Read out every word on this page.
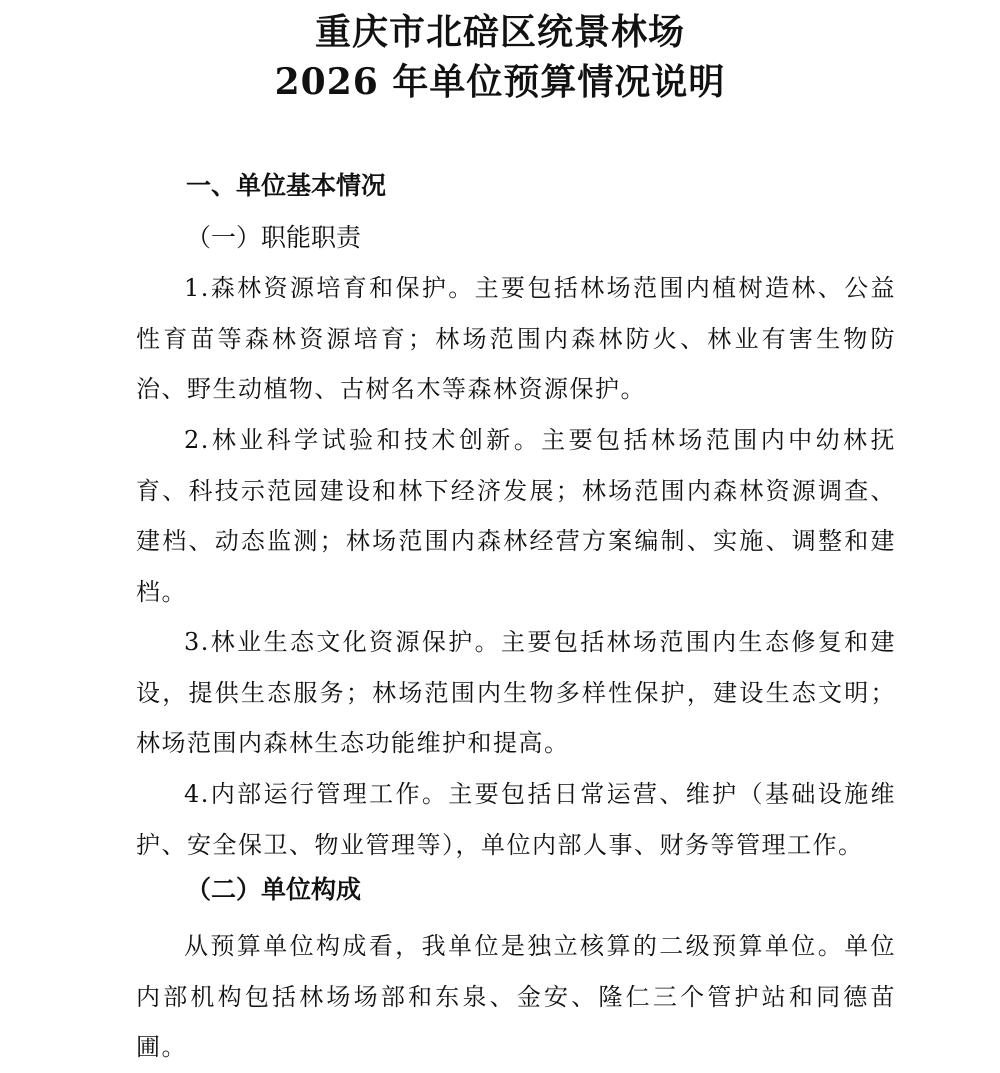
重庆市北碚区统景林场
2026 年单位预算情况说明
一、单位基本情况
（一）职能职责
1.森林资源培育和保护。主要包括林场范围内植树造林、公益性育苗等森林资源培育；林场范围内森林防火、林业有害生物防治、野生动植物、古树名木等森林资源保护。
2.林业科学试验和技术创新。主要包括林场范围内中幼林抚育、科技示范园建设和林下经济发展；林场范围内森林资源调查、建档、动态监测；林场范围内森林经营方案编制、实施、调整和建档。
3.林业生态文化资源保护。主要包括林场范围内生态修复和建设，提供生态服务；林场范围内生物多样性保护，建设生态文明；林场范围内森林生态功能维护和提高。
4.内部运行管理工作。主要包括日常运营、维护（基础设施维护、安全保卫、物业管理等），单位内部人事、财务等管理工作。
（二）单位构成
从预算单位构成看，我单位是独立核算的二级预算单位。单位内部机构包括林场场部和东泉、金安、隆仁三个管护站和同德苗圃。
